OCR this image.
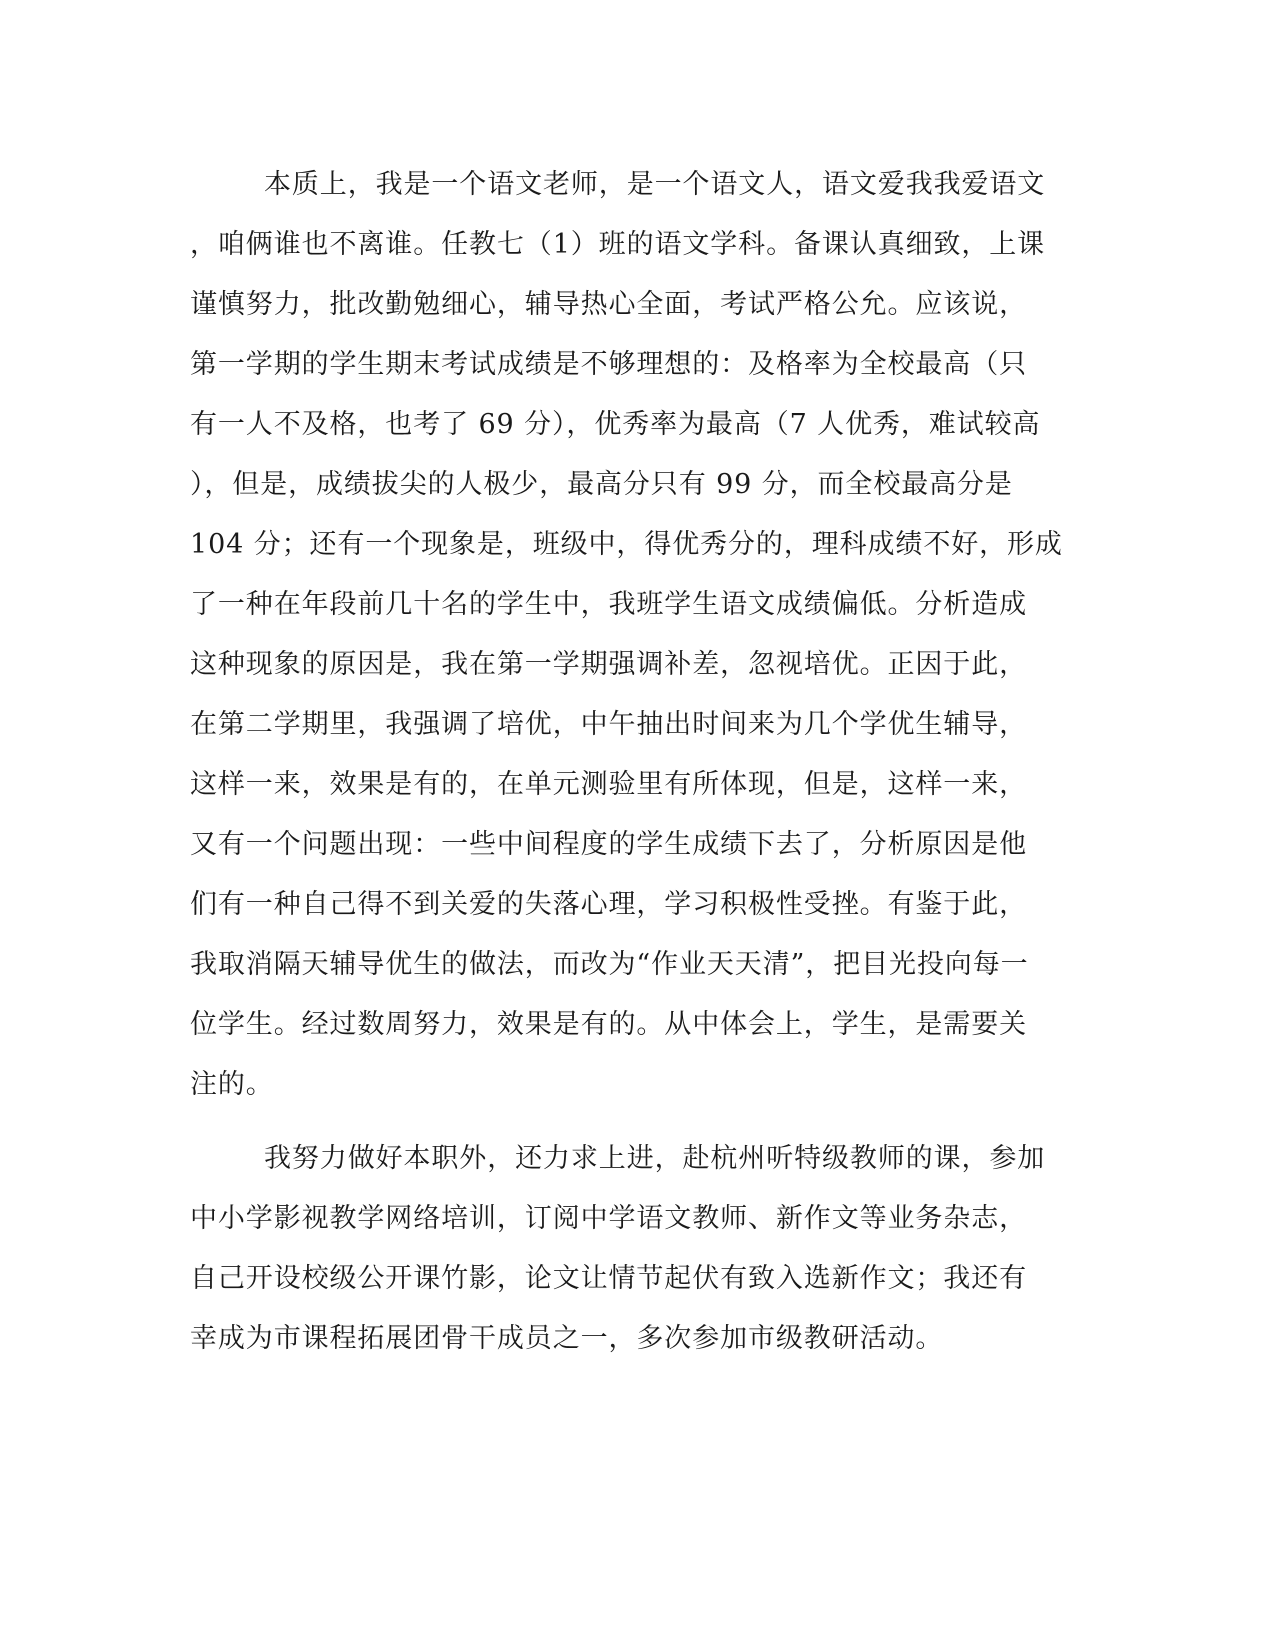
本质上，我是一个语文老师，是一个语文人，语文爱我我爱语文
，咱俩谁也不离谁。任教七（1）班的语文学科。备课认真细致，上课
谨慎努力，批改勤勉细心，辅导热心全面，考试严格公允。应该说，
第一学期的学生期末考试成绩是不够理想的：及格率为全校最高（只
有一人不及格，也考了 69 分），优秀率为最高（7 人优秀，难试较高
），但是，成绩拔尖的人极少，最高分只有 99 分，而全校最高分是
104 分；还有一个现象是，班级中，得优秀分的，理科成绩不好，形成
了一种在年段前几十名的学生中，我班学生语文成绩偏低。分析造成
这种现象的原因是，我在第一学期强调补差，忽视培优。正因于此，
在第二学期里，我强调了培优，中午抽出时间来为几个学优生辅导，
这样一来，效果是有的，在单元测验里有所体现，但是，这样一来，
又有一个问题出现：一些中间程度的学生成绩下去了，分析原因是他
们有一种自己得不到关爱的失落心理，学习积极性受挫。有鉴于此，
我取消隔天辅导优生的做法，而改为“作业天天清”，把目光投向每一
位学生。经过数周努力，效果是有的。从中体会上，学生，是需要关
注的。
我努力做好本职外，还力求上进，赴杭州听特级教师的课，参加
中小学影视教学网络培训，订阅中学语文教师、新作文等业务杂志，
自己开设校级公开课竹影，论文让情节起伏有致入选新作文；我还有
幸成为市课程拓展团骨干成员之一，多次参加市级教研活动。
